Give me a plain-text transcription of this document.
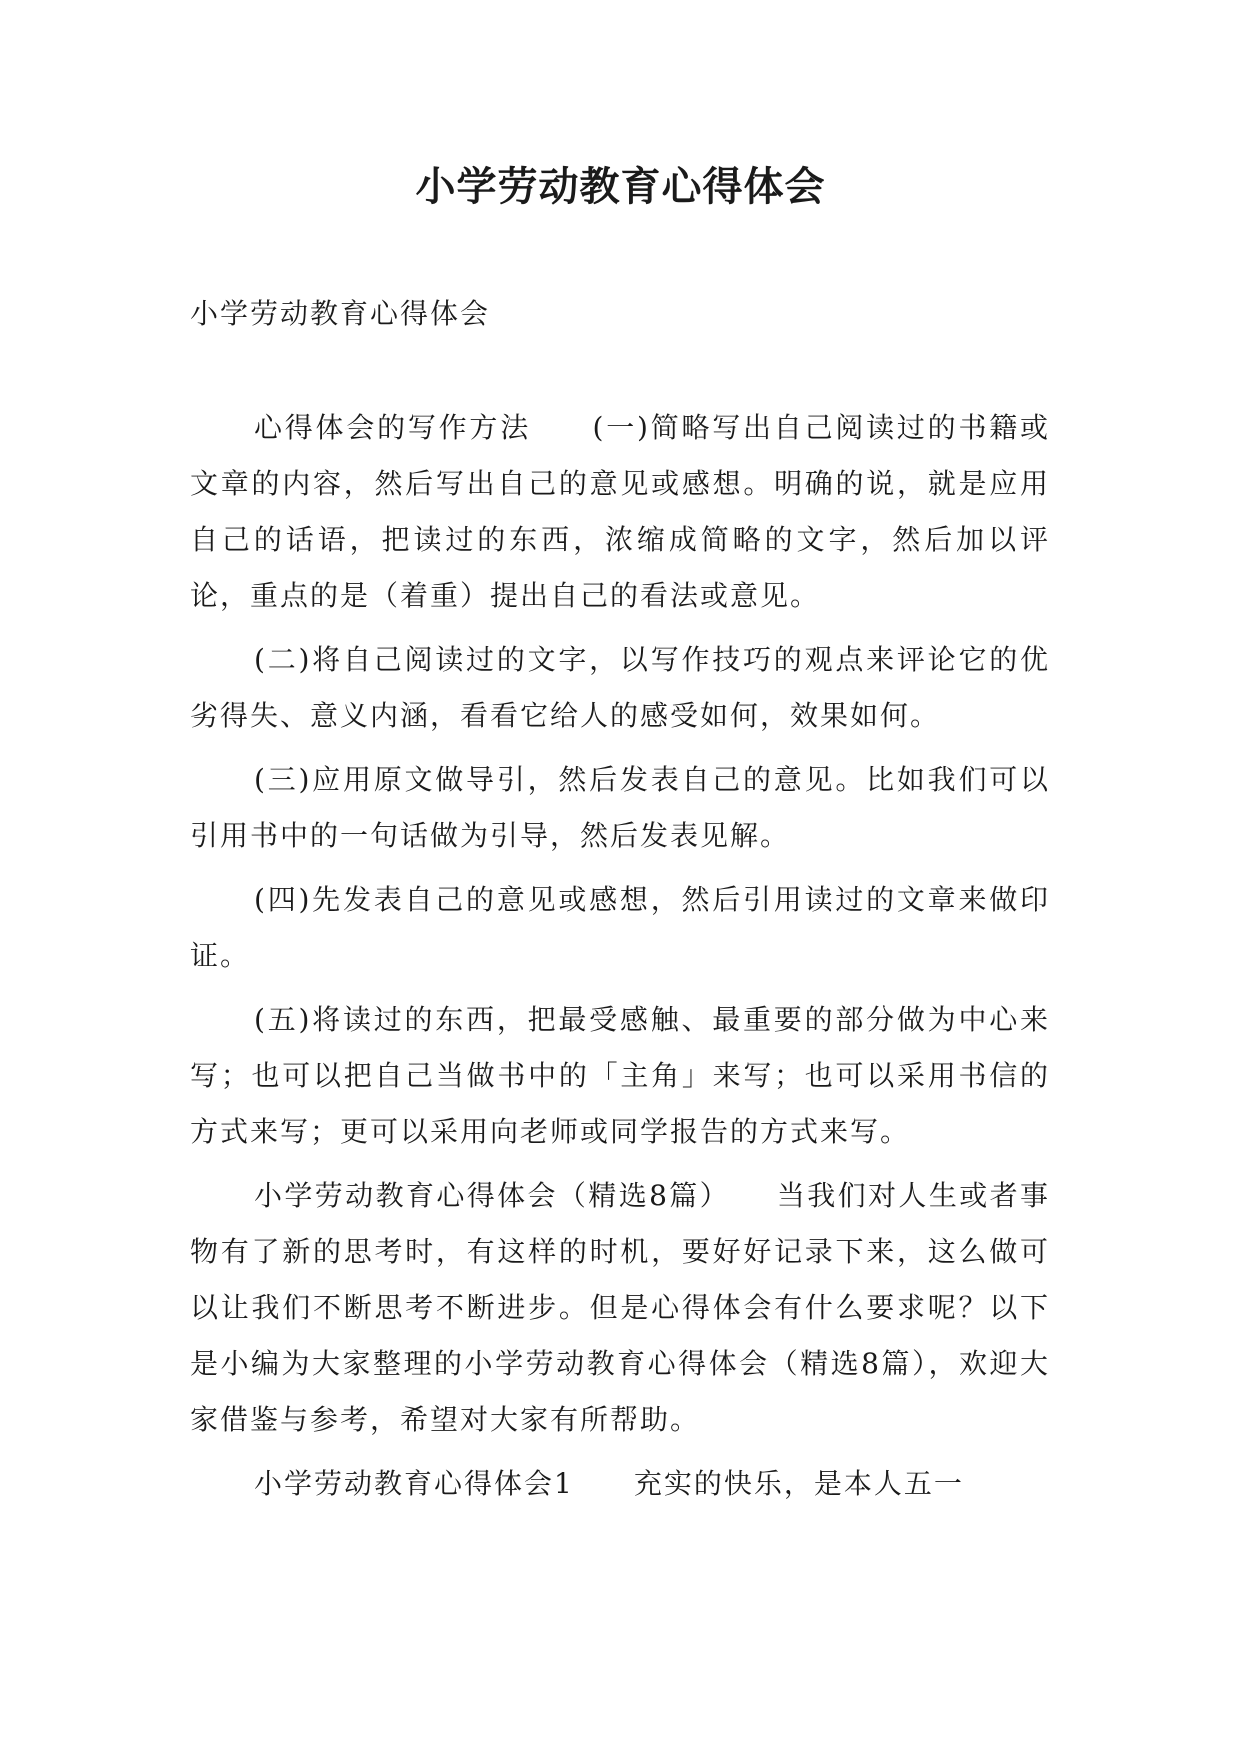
小学劳动教育心得体会
小学劳动教育心得体会

心得体会的写作方法　　(一)简略写出自己阅读过的书籍或文章的内容，然后写出自己的意见或感想。明确的说，就是应用自己的话语，把读过的东西，浓缩成简略的文字，然后加以评论，重点的是（着重）提出自己的看法或意见。

(二)将自己阅读过的文字，以写作技巧的观点来评论它的优劣得失、意义内涵，看看它给人的感受如何，效果如何。

(三)应用原文做导引，然后发表自己的意见。比如我们可以引用书中的一句话做为引导，然后发表见解。

(四)先发表自己的意见或感想，然后引用读过的文章来做印证。

(五)将读过的东西，把最受感触、最重要的部分做为中心来写；也可以把自己当做书中的「主角」来写；也可以采用书信的方式来写；更可以采用向老师或同学报告的方式来写。

小学劳动教育心得体会（精选8篇）　　当我们对人生或者事物有了新的思考时，有这样的时机，要好好记录下来，这么做可以让我们不断思考不断进步。但是心得体会有什么要求呢？以下是小编为大家整理的小学劳动教育心得体会（精选8篇），欢迎大家借鉴与参考，希望对大家有所帮助。

小学劳动教育心得体会1　　充实的快乐，是本人五一
